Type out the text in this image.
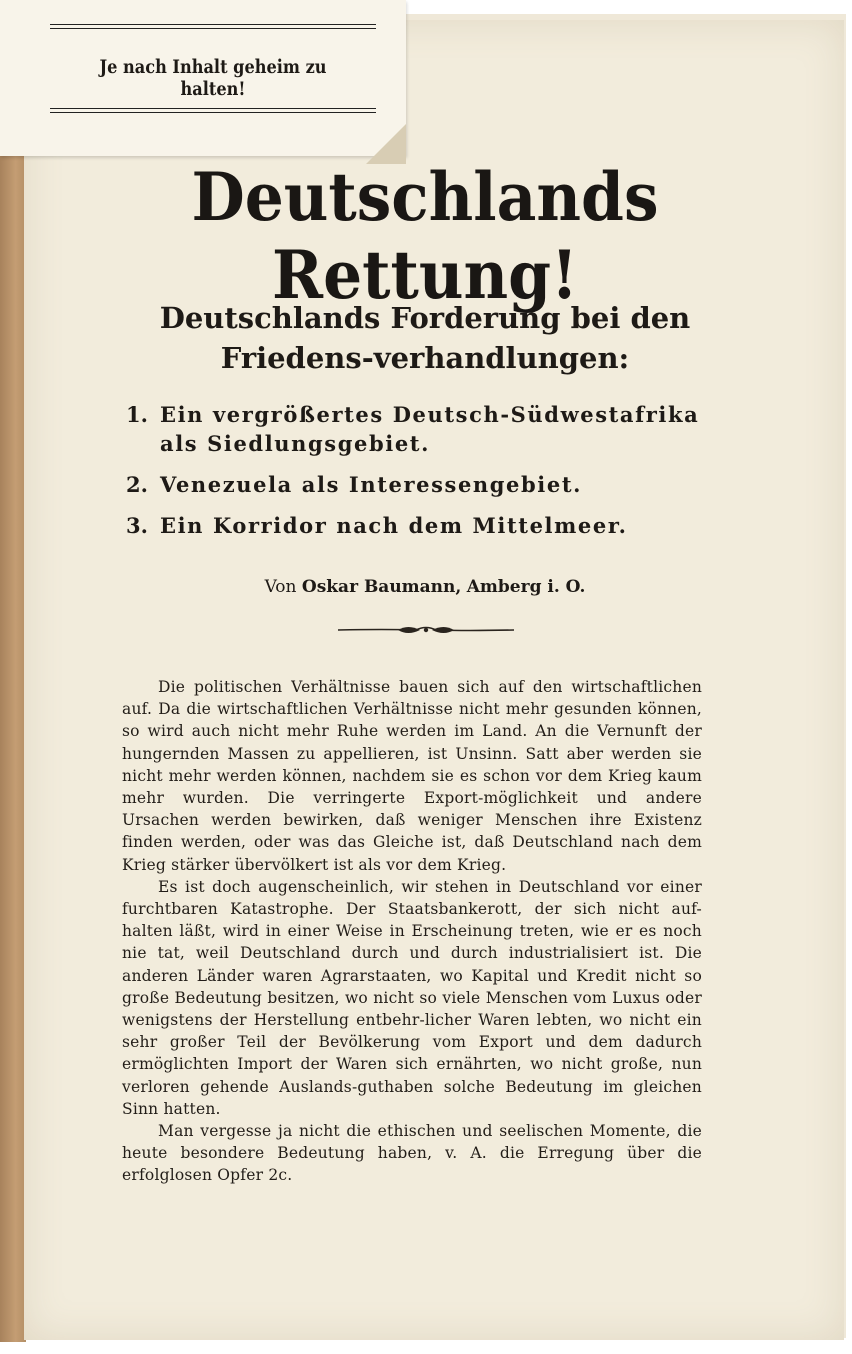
Je nach Inhalt geheim zu halten!
Deutschlands Rettung!
Deutschlands Forderung bei den Friedens-verhandlungen:
1. Ein vergrößertes Deutsch-Südwestafrika als Siedlungsgebiet.
2. Venezuela als Interessengebiet.
3. Ein Korridor nach dem Mittelmeer.
Von Oskar Baumann, Amberg i. O.

Die politischen Verhältnisse bauen sich auf den wirtschaftlichen auf. Da die wirtschaftlichen Verhältnisse nicht mehr gesunden können, so wird auch nicht mehr Ruhe werden im Land. An die Vernunft der hungernden Massen zu appellieren, ist Unsinn. Satt aber werden sie nicht mehr werden können, nachdem sie es schon vor dem Krieg kaum mehr wurden. Die verringerte Export-möglichkeit und andere Ursachen werden bewirken, daß weniger Menschen ihre Existenz finden werden, oder was das Gleiche ist, daß Deutschland nach dem Krieg stärker übervölkert ist als vor dem Krieg.

Es ist doch augenscheinlich, wir stehen in Deutschland vor einer furchtbaren Katastrophe. Der Staatsbankerott, der sich nicht auf-halten läßt, wird in einer Weise in Erscheinung treten, wie er es noch nie tat, weil Deutschland durch und durch industrialisiert ist. Die anderen Länder waren Agrarstaaten, wo Kapital und Kredit nicht so große Bedeutung besitzen, wo nicht so viele Menschen vom Luxus oder wenigstens der Herstellung entbehr-licher Waren lebten, wo nicht ein sehr großer Teil der Bevölkerung vom Export und dem dadurch ermöglichten Import der Waren sich ernährten, wo nicht große, nun verloren gehende Auslands-guthaben solche Bedeutung im gleichen Sinn hatten.

Man vergesse ja nicht die ethischen und seelischen Momente, die heute besondere Bedeutung haben, v. A. die Erregung über die erfolglosen Opfer 2c.
